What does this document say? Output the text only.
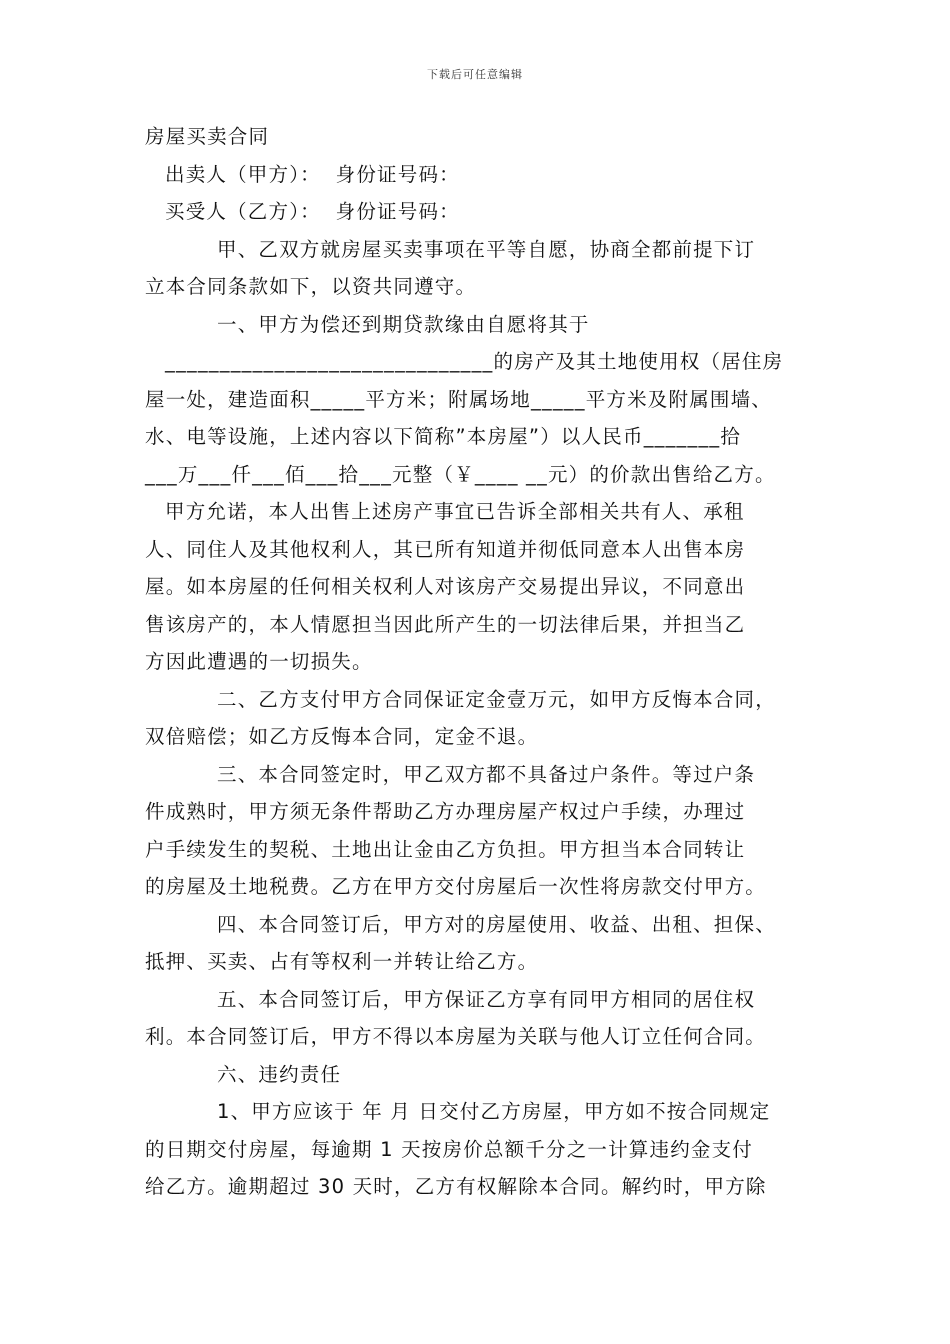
下载后可任意编辑
房屋买卖合同
出卖人（甲方）：  身份证号码：
买受人（乙方）：  身份证号码：
甲、乙双方就房屋买卖事项在平等自愿，协商全都前提下订
立本合同条款如下，以资共同遵守。
一、甲方为偿还到期贷款缘由自愿将其于
______________________________的房产及其土地使用权（居住房
屋一处，建造面积_____平方米；附属场地_____平方米及附属围墙、
水、电等设施，上述内容以下简称”本房屋”）以人民币_______拾
___万___仟___佰___拾___元整（￥____ __元）的价款出售给乙方。
甲方允诺，本人出售上述房产事宜已告诉全部相关共有人、承租
人、同住人及其他权利人，其已所有知道并彻低同意本人出售本房
屋。如本房屋的任何相关权利人对该房产交易提出异议，不同意出
售该房产的，本人情愿担当因此所产生的一切法律后果，并担当乙
方因此遭遇的一切损失。
二、乙方支付甲方合同保证定金壹万元，如甲方反悔本合同，
双倍赔偿；如乙方反悔本合同，定金不退。
三、本合同签定时，甲乙双方都不具备过户条件。等过户条
件成熟时，甲方须无条件帮助乙方办理房屋产权过户手续，办理过
户手续发生的契税、土地出让金由乙方负担。甲方担当本合同转让
的房屋及土地税费。乙方在甲方交付房屋后一次性将房款交付甲方。
四、本合同签订后，甲方对的房屋使用、收益、出租、担保、
抵押、买卖、占有等权利一并转让给乙方。
五、本合同签订后，甲方保证乙方享有同甲方相同的居住权
利。本合同签订后，甲方不得以本房屋为关联与他人订立任何合同。
六、违约责任
1、甲方应该于 年 月 日交付乙方房屋，甲方如不按合同规定
的日期交付房屋，每逾期 1 天按房价总额千分之一计算违约金支付
给乙方。逾期超过 30 天时，乙方有权解除本合同。解约时，甲方除
